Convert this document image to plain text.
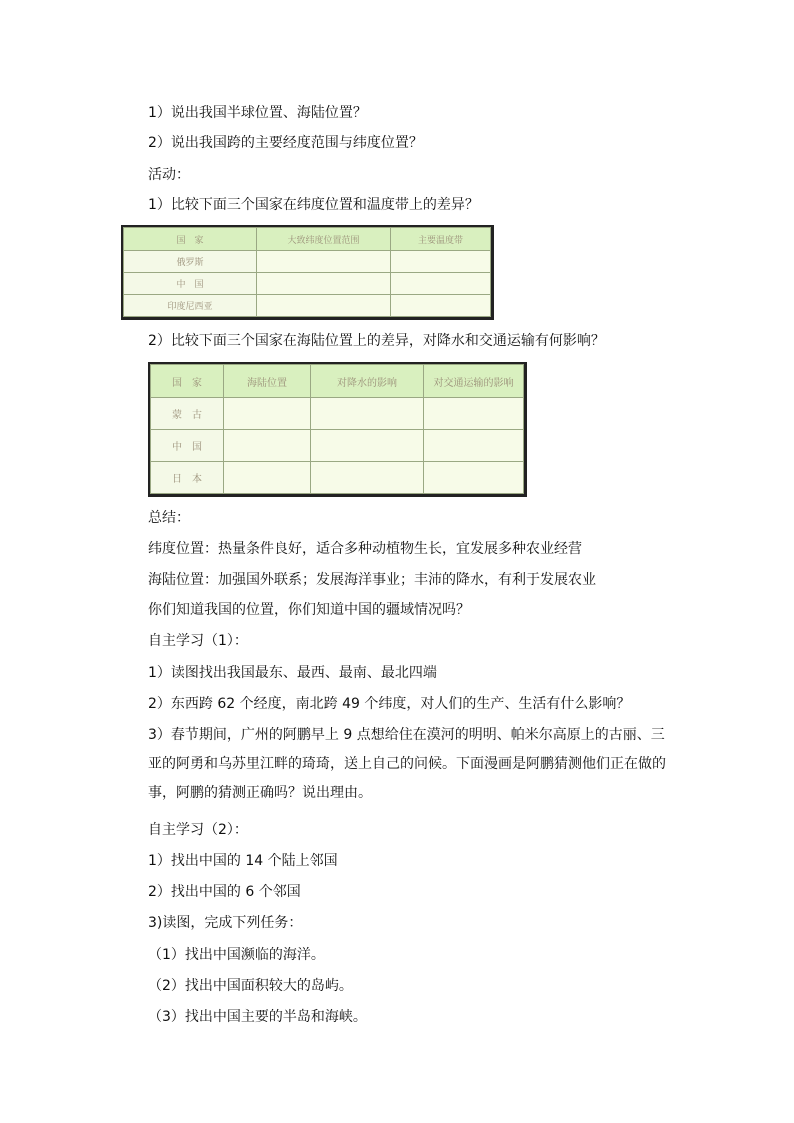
1）说出我国半球位置、海陆位置？

2）说出我国跨的主要经度范围与纬度位置？

活动：

1）比较下面三个国家在纬度位置和温度带上的差异？

国　家	大致纬度位置范围	主要温度带
俄罗斯		
中　国		
印度尼西亚		

2）比较下面三个国家在海陆位置上的差异，对降水和交通运输有何影响？

国　家	海陆位置	对降水的影响	对交通运输的影响
蒙　古			
中　国			
日　本			

总结：

纬度位置：热量条件良好，适合多种动植物生长，宜发展多种农业经营

海陆位置：加强国外联系；发展海洋事业；丰沛的降水，有利于发展农业

你们知道我国的位置，你们知道中国的疆域情况吗？

自主学习（1）：

1）读图找出我国最东、最西、最南、最北四端

2）东西跨 62 个经度，南北跨 49 个纬度，对人们的生产、生活有什么影响？

3）春节期间，广州的阿鹏早上 9 点想给住在漠河的明明、帕米尔高原上的古丽、三亚的阿勇和乌苏里江畔的琦琦，送上自己的问候。下面漫画是阿鹏猜测他们正在做的事，阿鹏的猜测正确吗？说出理由。

自主学习（2）：

1）找出中国的 14 个陆上邻国

2）找出中国的 6 个邻国

3)读图，完成下列任务：

（1）找出中国濒临的海洋。

（2）找出中国面积较大的岛屿。

（3）找出中国主要的半岛和海峡。
